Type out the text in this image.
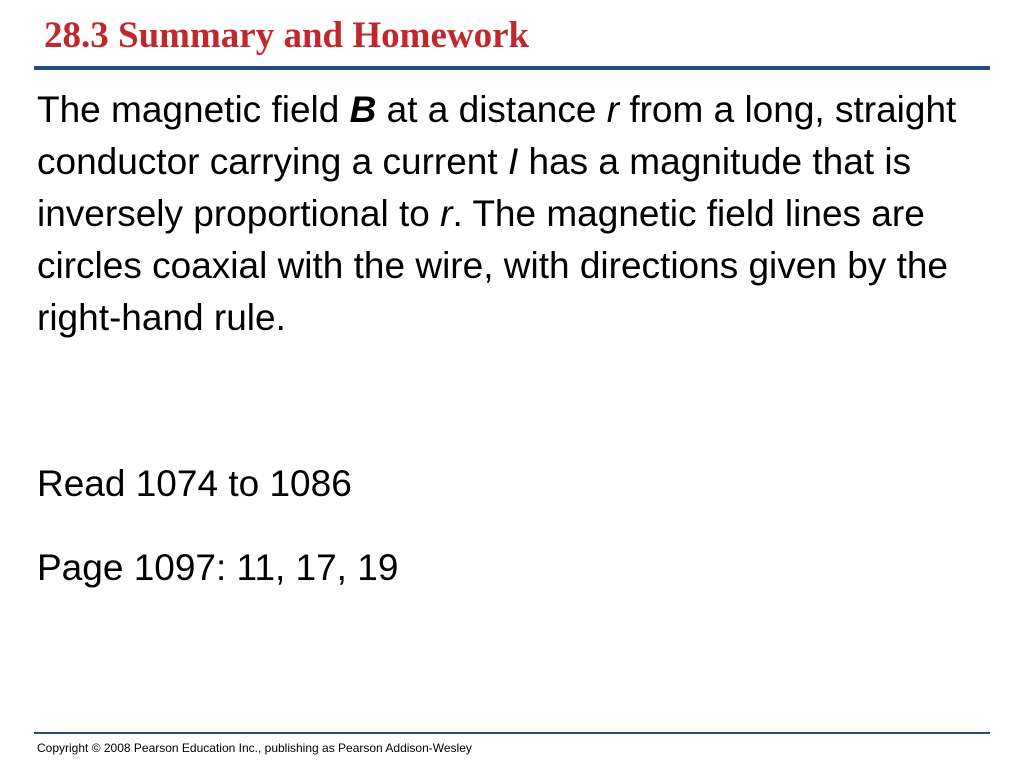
28.3 Summary and Homework
The magnetic field B at a distance r from a long, straight conductor carrying a current I has a magnitude that is inversely proportional to r. The magnetic field lines are circles coaxial with the wire, with directions given by the right-hand rule.
Read 1074 to 1086
Page 1097: 11, 17, 19
Copyright © 2008 Pearson Education Inc., publishing as Pearson Addison-Wesley
